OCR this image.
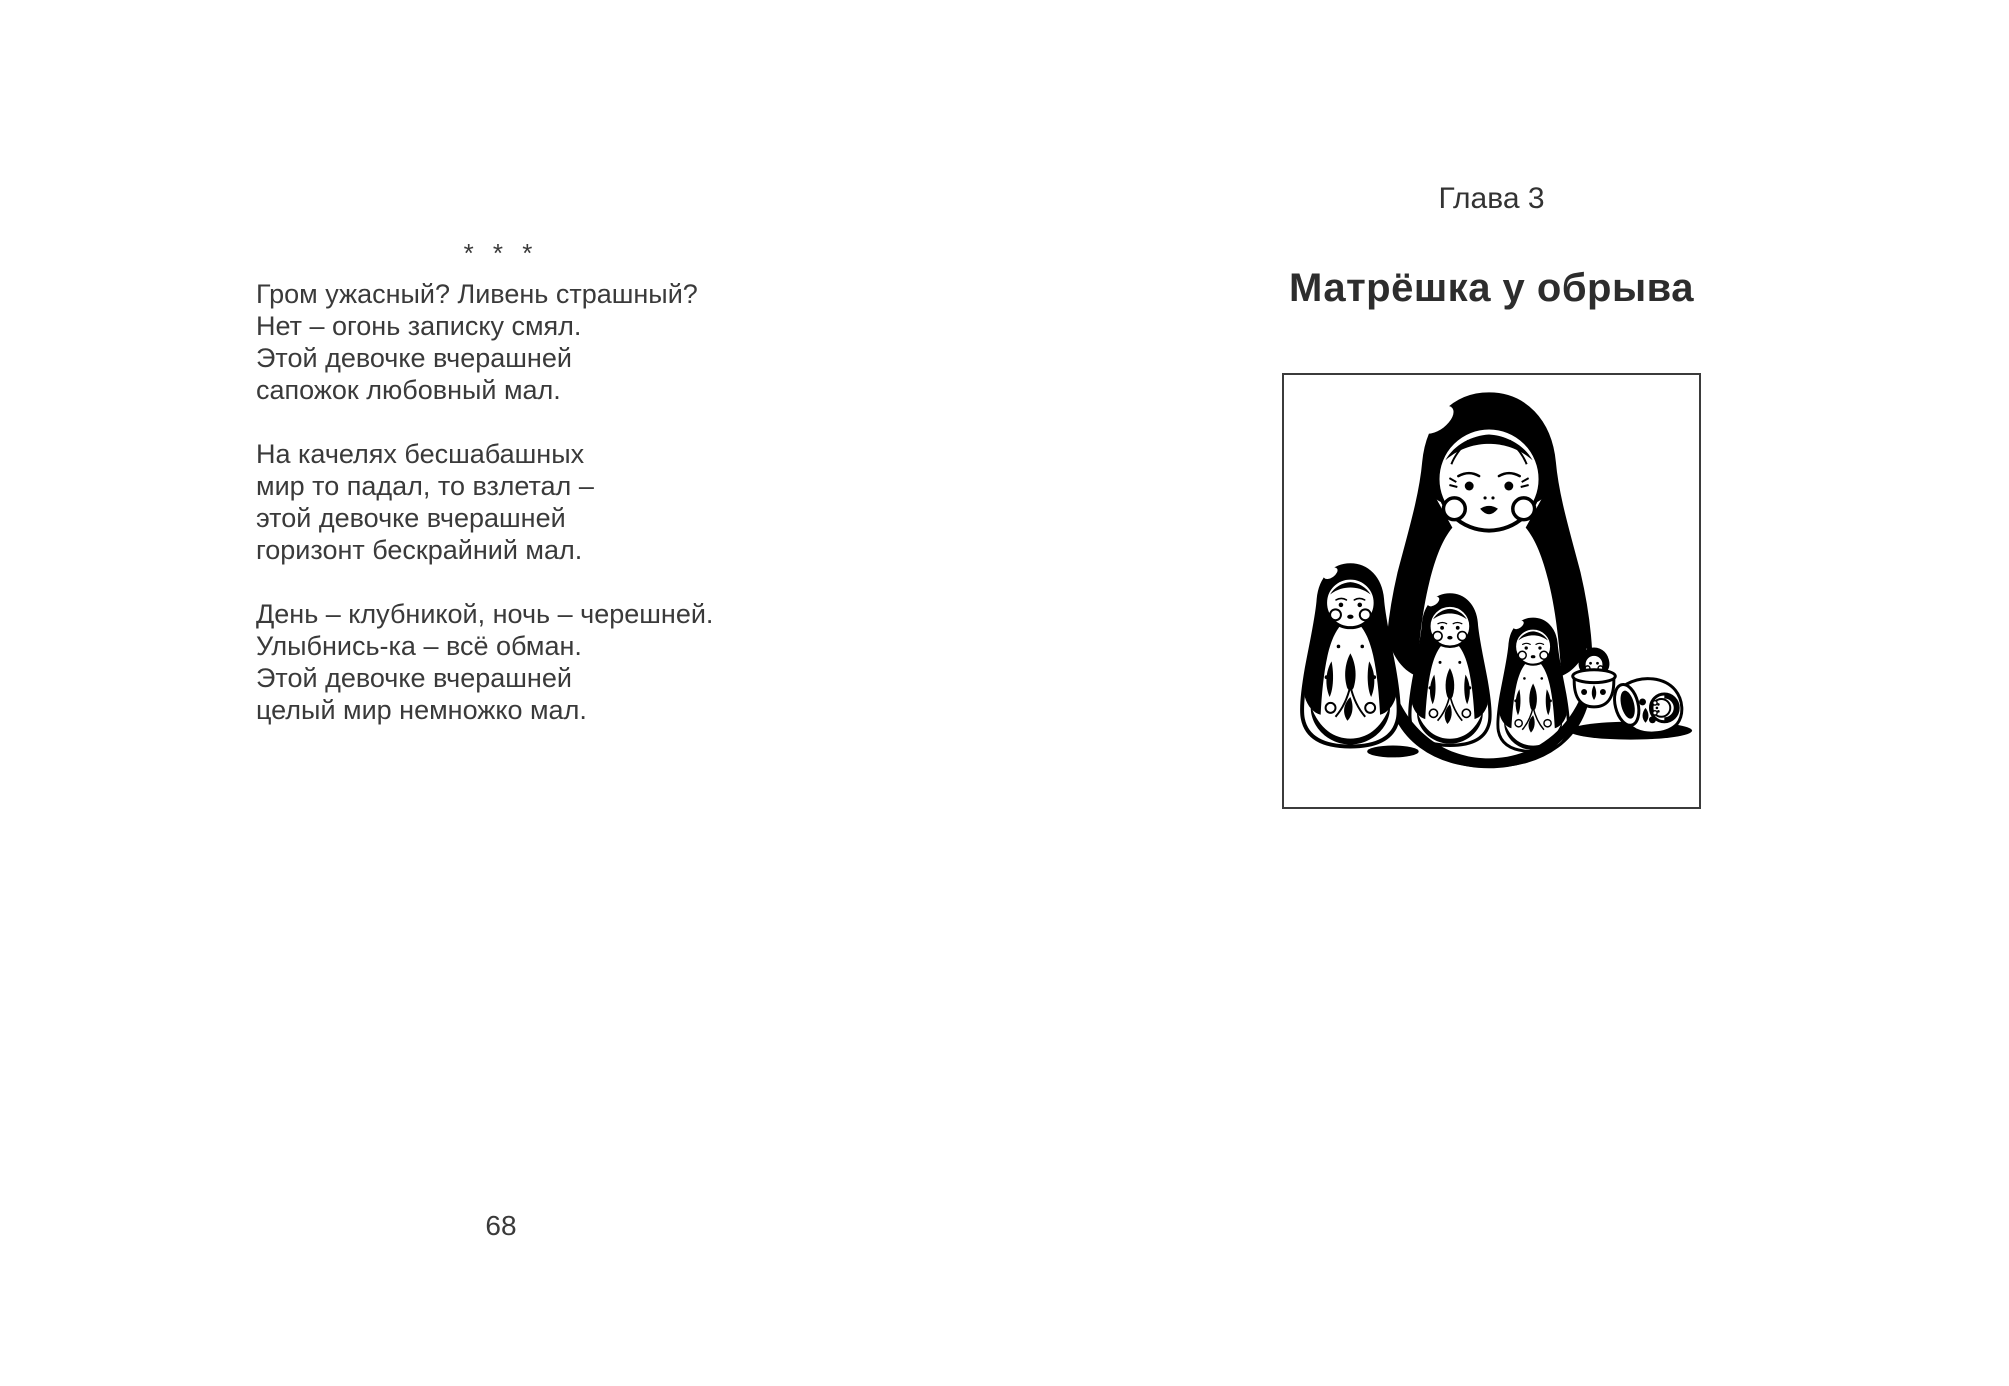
* * *

Гром ужасный? Ливень страшный?

Нет – огонь записку смял.

Этой девочке вчерашней

сапожок любовный мал.

На качелях бесшабашных

мир то падал, то взлетал –

этой девочке вчерашней

горизонт бескрайний мал.

День – клубникой, ночь – черешней.

Улыбнись-ка – всё обман.

Этой девочке вчерашней

целый мир немножко мал.

68
Глава 3
Матрёшка у обрыва
